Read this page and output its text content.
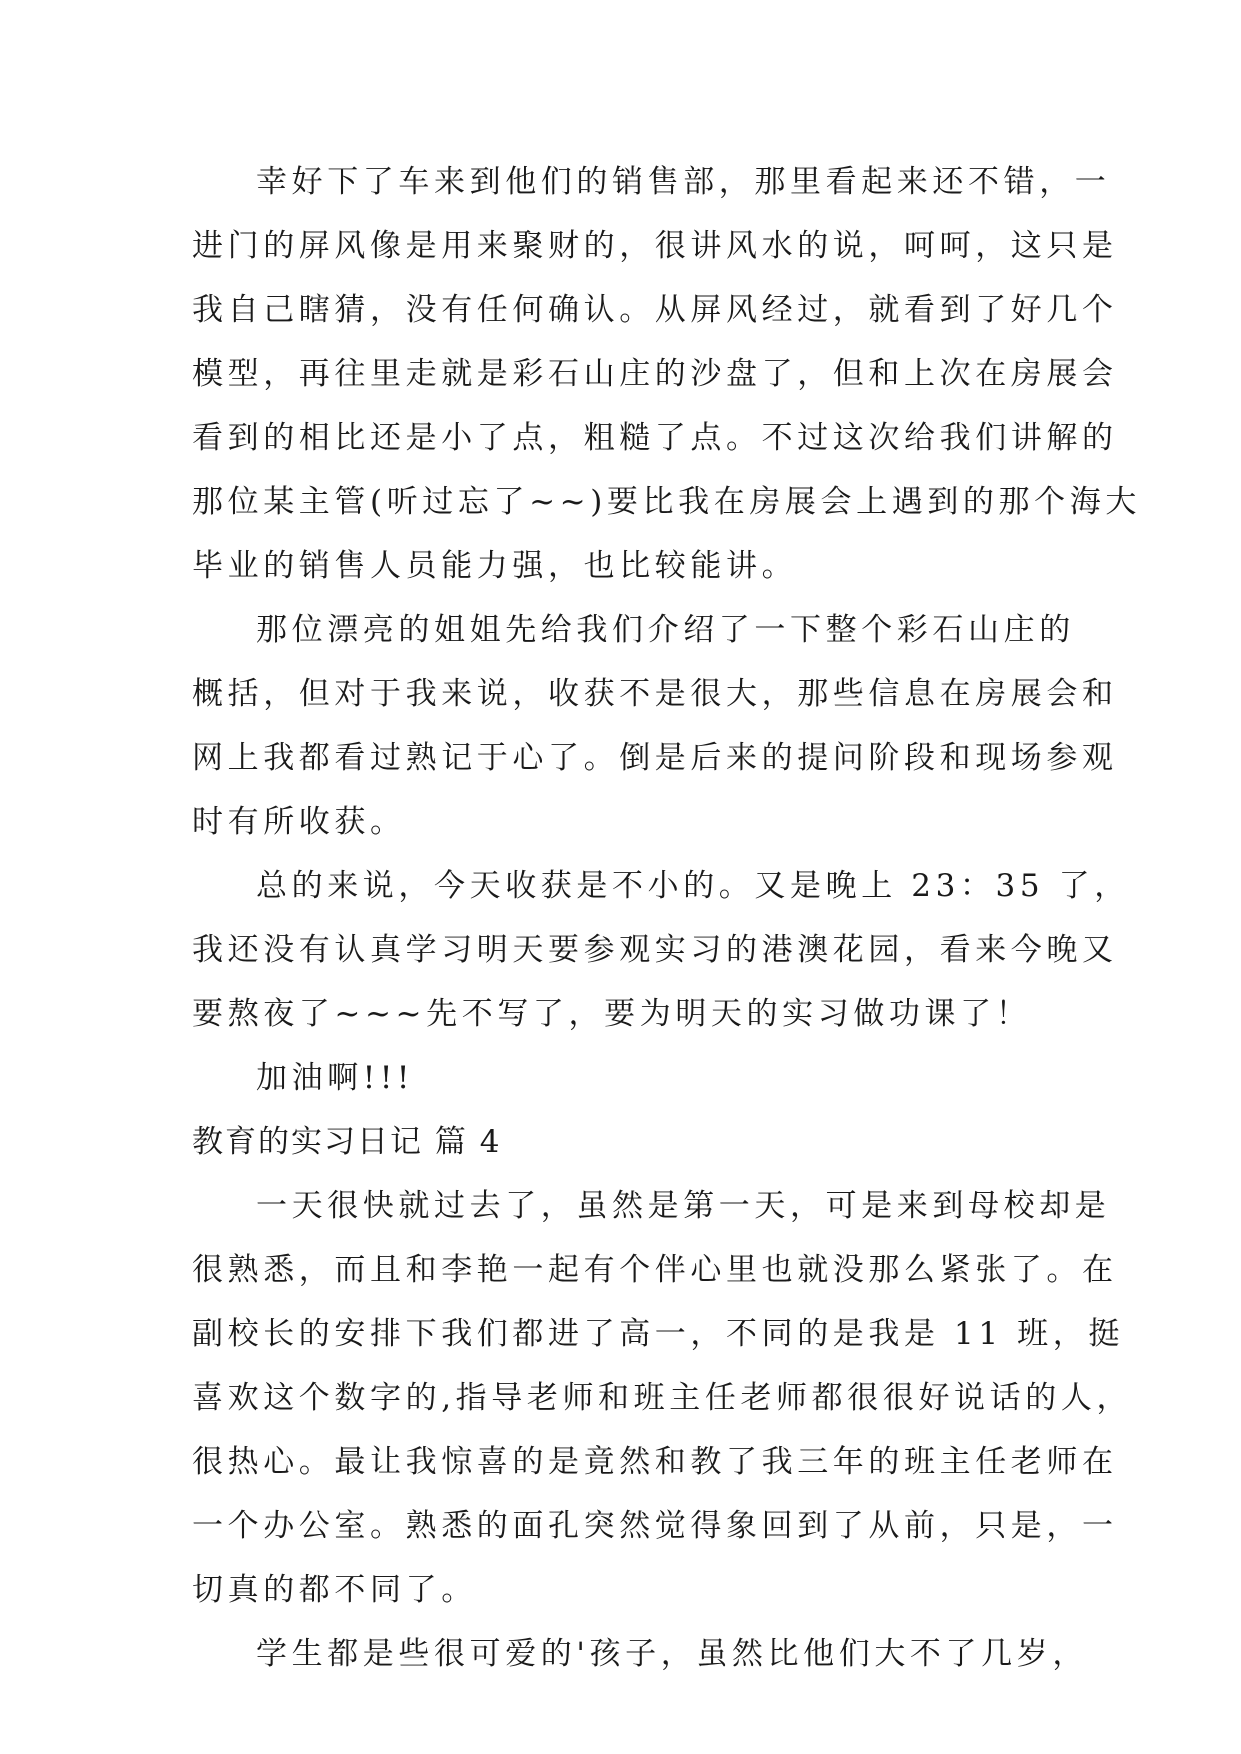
幸好下了车来到他们的销售部，那里看起来还不错，一
进门的屏风像是用来聚财的，很讲风水的说，呵呵，这只是
我自己瞎猜，没有任何确认。从屏风经过，就看到了好几个
模型，再往里走就是彩石山庄的沙盘了，但和上次在房展会
看到的相比还是小了点，粗糙了点。不过这次给我们讲解的
那位某主管(听过忘了~~)要比我在房展会上遇到的那个海大
毕业的销售人员能力强，也比较能讲。
那位漂亮的姐姐先给我们介绍了一下整个彩石山庄的
概括，但对于我来说，收获不是很大，那些信息在房展会和
网上我都看过熟记于心了。倒是后来的提问阶段和现场参观
时有所收获。
总的来说，今天收获是不小的。又是晚上 23：35 了，
我还没有认真学习明天要参观实习的港澳花园，看来今晚又
要熬夜了~~~先不写了，要为明天的实习做功课了！
加油啊!!!
教育的实习日记 篇 4
一天很快就过去了，虽然是第一天，可是来到母校却是
很熟悉，而且和李艳一起有个伴心里也就没那么紧张了。在
副校长的安排下我们都进了高一，不同的是我是 11 班，挺
喜欢这个数字的,指导老师和班主任老师都很很好说话的人，
很热心。最让我惊喜的是竟然和教了我三年的班主任老师在
一个办公室。熟悉的面孔突然觉得象回到了从前，只是，一
切真的都不同了。
学生都是些很可爱的'孩子，虽然比他们大不了几岁，
